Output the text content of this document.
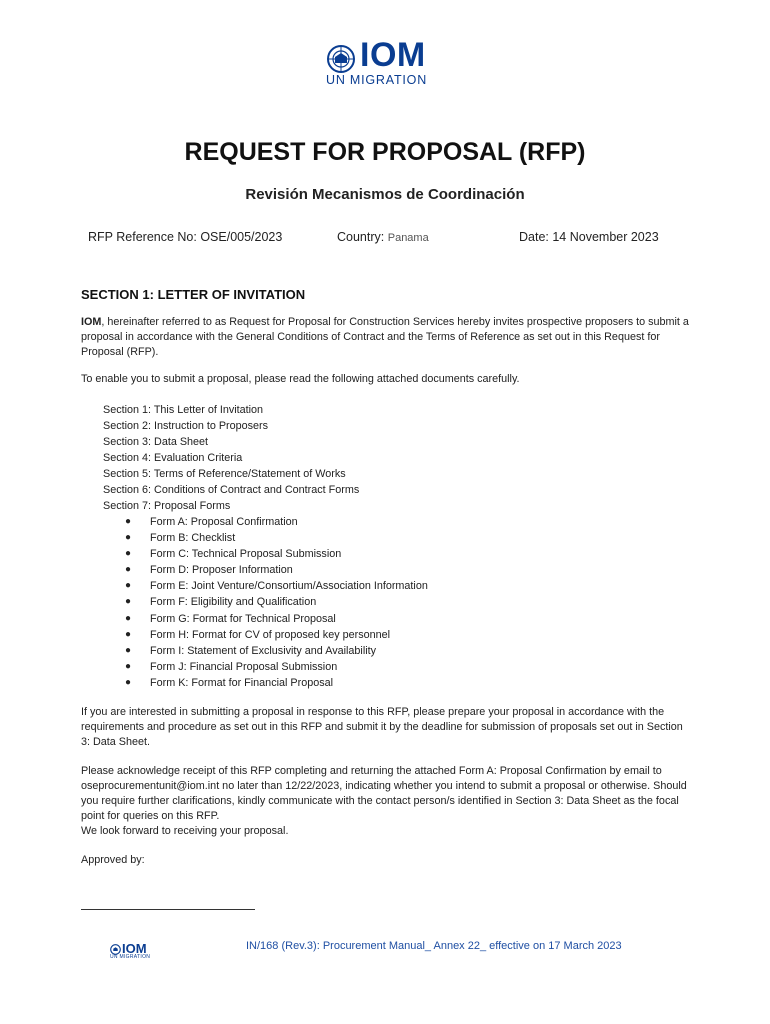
IOM
UN MIGRATION
REQUEST FOR PROPOSAL (RFP)
Revisión Mecanismos de Coordinación
RFP Reference No: OSE/005/2023	Country: Panama	Date: 14 November 2023
SECTION 1: LETTER OF INVITATION

IOM, hereinafter referred to as Request for Proposal for Construction Services hereby invites prospective proposers to submit a proposal in accordance with the General Conditions of Contract and the Terms of Reference as set out in this Request for Proposal (RFP).

To enable you to submit a proposal, please read the following attached documents carefully.
Section 1: This Letter of Invitation
Section 2: Instruction to Proposers
Section 3: Data Sheet
Section 4: Evaluation Criteria
Section 5: Terms of Reference/Statement of Works
Section 6: Conditions of Contract and Contract Forms
Section 7: Proposal Forms
● Form A: Proposal Confirmation
● Form B: Checklist
● Form C: Technical Proposal Submission
● Form D: Proposer Information
● Form E: Joint Venture/Consortium/Association Information
● Form F: Eligibility and Qualification
● Form G: Format for Technical Proposal
● Form H: Format for CV of proposed key personnel
● Form I: Statement of Exclusivity and Availability
● Form J: Financial Proposal Submission
● Form K: Format for Financial Proposal
If you are interested in submitting a proposal in response to this RFP, please prepare your proposal in accordance with the requirements and procedure as set out in this RFP and submit it by the deadline for submission of proposals set out in Section 3: Data Sheet.

Please acknowledge receipt of this RFP completing and returning the attached Form A: Proposal Confirmation by email to oseprocurementunit@iom.int no later than 12/22/2023, indicating whether you intend to submit a proposal or otherwise. Should you require further clarifications, kindly communicate with the contact person/s identified in Section 3: Data Sheet as the focal point for queries on this RFP.

We look forward to receiving your proposal.

Approved by:
IOM
UN MIGRATION
IN/168 (Rev.3): Procurement Manual_ Annex 22_ effective on 17 March 2023
